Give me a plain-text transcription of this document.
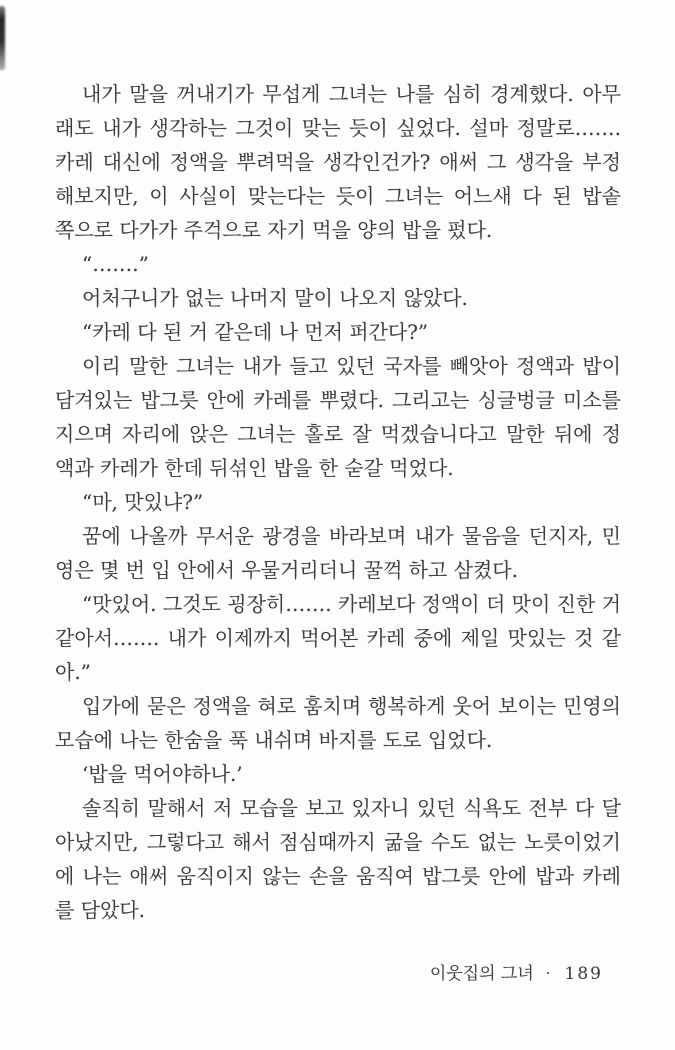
내가 말을 꺼내기가 무섭게 그녀는 나를 심히 경계했다. 아무
래도 내가 생각하는 그것이 맞는 듯이 싶었다. 설마 정말로…….
카레 대신에 정액을 뿌려먹을 생각인건가? 애써 그 생각을 부정
해보지만, 이 사실이 맞는다는 듯이 그녀는 어느새 다 된 밥솥
쪽으로 다가가 주걱으로 자기 먹을 양의 밥을 펐다.
“…….”
어처구니가 없는 나머지 말이 나오지 않았다.
“카레 다 된 거 같은데 나 먼저 퍼간다?”
이리 말한 그녀는 내가 들고 있던 국자를 빼앗아 정액과 밥이
담겨있는 밥그릇 안에 카레를 뿌렸다. 그리고는 싱글벙글 미소를
지으며 자리에 앉은 그녀는 홀로 잘 먹겠습니다고 말한 뒤에 정
액과 카레가 한데 뒤섞인 밥을 한 숟갈 먹었다.
“마, 맛있냐?”
꿈에 나올까 무서운 광경을 바라보며 내가 물음을 던지자, 민
영은 몇 번 입 안에서 우물거리더니 꿀꺽 하고 삼켰다.
“맛있어. 그것도 굉장히……. 카레보다 정액이 더 맛이 진한 거
같아서……. 내가 이제까지 먹어본 카레 중에 제일 맛있는 것 같
아.”
입가에 묻은 정액을 혀로 훔치며 행복하게 웃어 보이는 민영의
모습에 나는 한숨을 푹 내쉬며 바지를 도로 입었다.
‘밥을 먹어야하나.’
솔직히 말해서 저 모습을 보고 있자니 있던 식욕도 전부 다 달
아났지만, 그렇다고 해서 점심때까지 굶을 수도 없는 노릇이었기
에 나는 애써 움직이지 않는 손을 움직여 밥그릇 안에 밥과 카레
를 담았다.
이웃집의 그녀 · 189
